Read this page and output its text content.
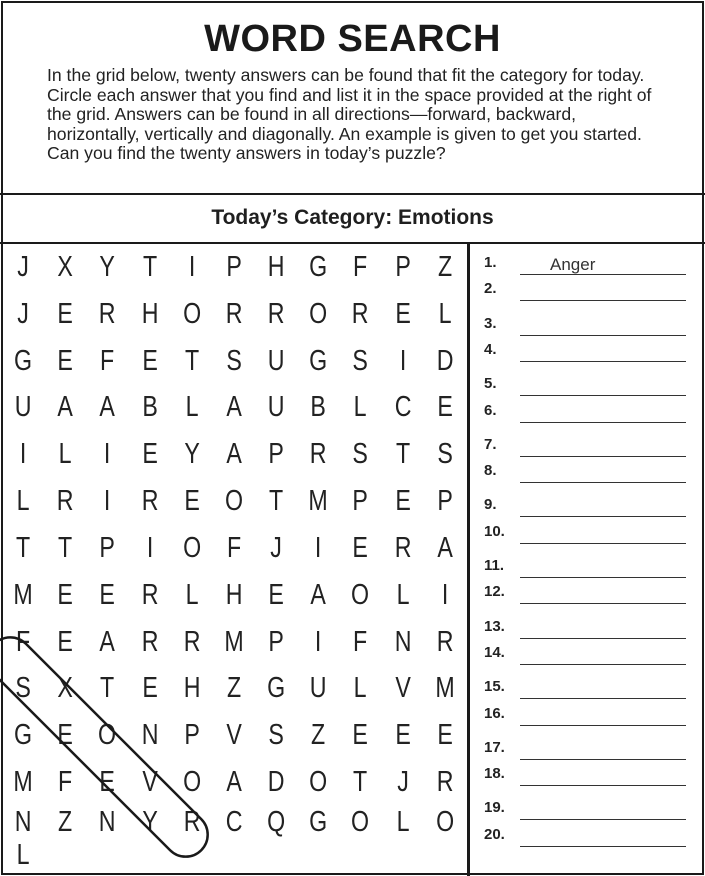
WORD SEARCH
In the grid below, twenty answers can be found that fit the category for today. Circle each answer that you find and list it in the space provided at the right of the grid. Answers can be found in all directions—forward, backward, horizontally, vertically and diagonally. An example is given to get you started. Can you find the twenty answers in today’s puzzle?
Today’s Category: Emotions
J X Y T	I	P H G F P Z
J E R H O R R O R E L
G E F E T S U G S	I	D
U A A B L A U B L C E
I	L	I	E Y A P R S T S
L R	I	R E O T M P E P
T T P	I	O F	J	I	E R A
M E E R L H E A O L	I
F E A R R M P	I	F N R
S X T E H Z G U L V M
G E O N P V S Z E E E
M F E V O A D O T	J R
N Z N Y R C Q G O L O
L
1.	Anger
2.
3.
4.
5.
6.
7.
8.
9.
10.
11.
12.
13.
14.
15.
16.
17.
18.
19.
20.
